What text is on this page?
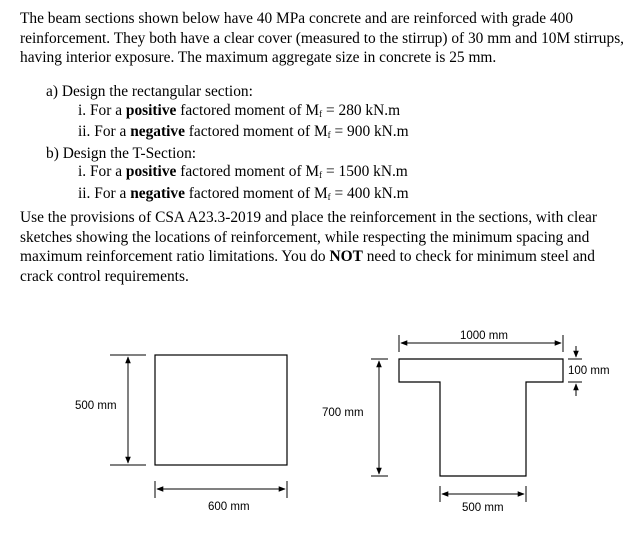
The beam sections shown below have 40 MPa concrete and are reinforced with grade 400 reinforcement. They both have a clear cover (measured to the stirrup) of 30 mm and 10M stirrups, having interior exposure. The maximum aggregate size in concrete is 25 mm.
a) Design the rectangular section:
i. For a positive factored moment of $M_f = 280$ kN.m
ii. For a negative factored moment of $M_f = 900$ kN.m
b) Design the T-Section:
i. For a positive factored moment of $M_f = 1500$ kN.m
ii. For a negative factored moment of $M_f = 400$ kN.m
Use the provisions of CSA A23.3-2019 and place the reinforcement in the sections, with clear sketches showing the locations of reinforcement, while respecting the minimum spacing and maximum reinforcement ratio limitations. You do NOT need to check for minimum steel and crack control requirements.
500 mm
600 mm
1000 mm
100 mm
700 mm
500 mm
